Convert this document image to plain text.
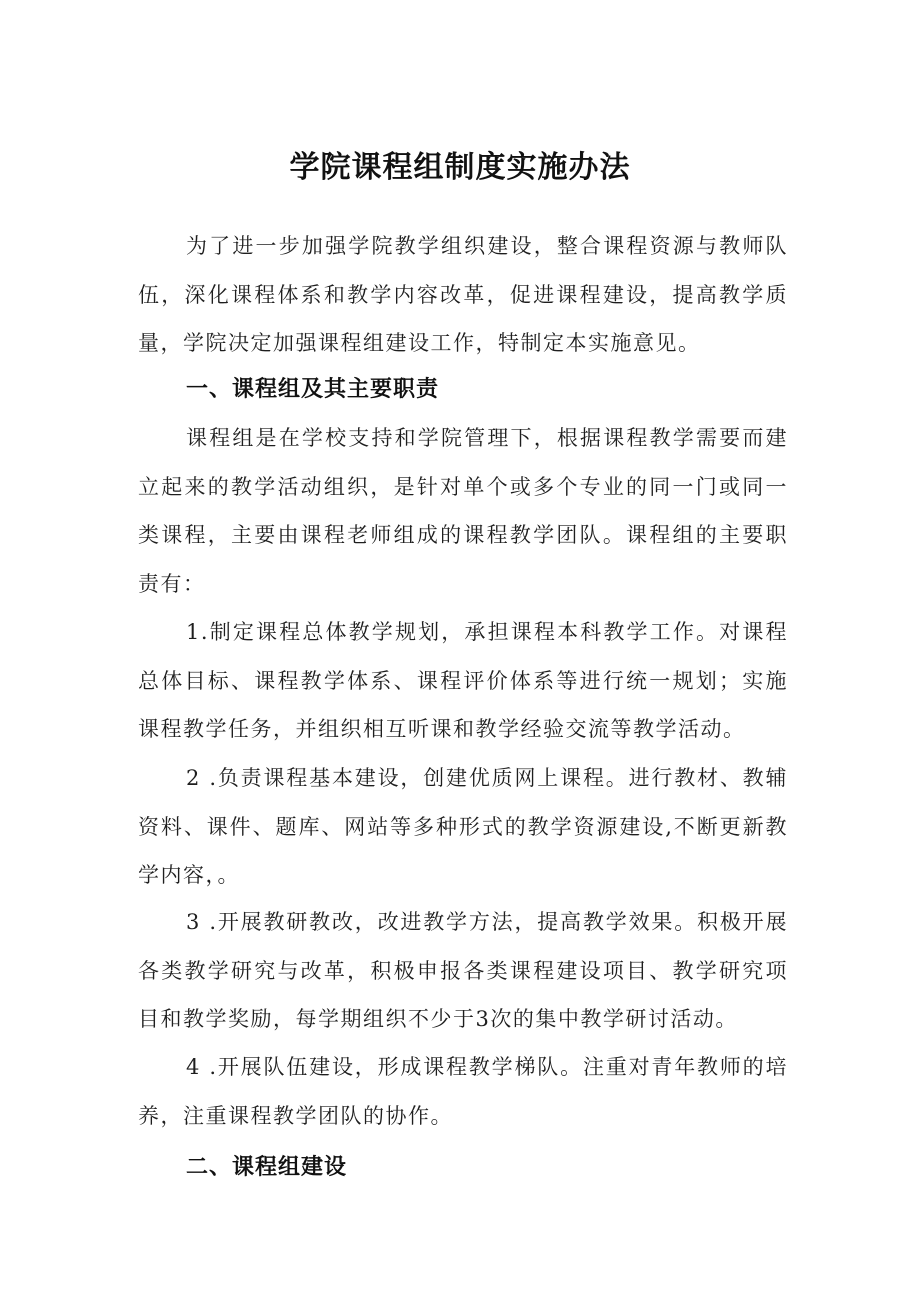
学院课程组制度实施办法

为了进一步加强学院教学组织建设，整合课程资源与教师队伍，深化课程体系和教学内容改革，促进课程建设，提高教学质量，学院决定加强课程组建设工作，特制定本实施意见。

一、课程组及其主要职责

课程组是在学校支持和学院管理下，根据课程教学需要而建立起来的教学活动组织，是针对单个或多个专业的同一门或同一类课程，主要由课程老师组成的课程教学团队。课程组的主要职责有：

1.制定课程总体教学规划，承担课程本科教学工作。对课程总体目标、课程教学体系、课程评价体系等进行统一规划；实施课程教学任务，并组织相互听课和教学经验交流等教学活动。

2 .负责课程基本建设，创建优质网上课程。进行教材、教辅资料、课件、题库、网站等多种形式的教学资源建设,不断更新教学内容，。

3 .开展教研教改，改进教学方法，提高教学效果。积极开展各类教学研究与改革，积极申报各类课程建设项目、教学研究项目和教学奖励，每学期组织不少于3次的集中教学研讨活动。

4 .开展队伍建设，形成课程教学梯队。注重对青年教师的培养，注重课程教学团队的协作。

二、课程组建设
